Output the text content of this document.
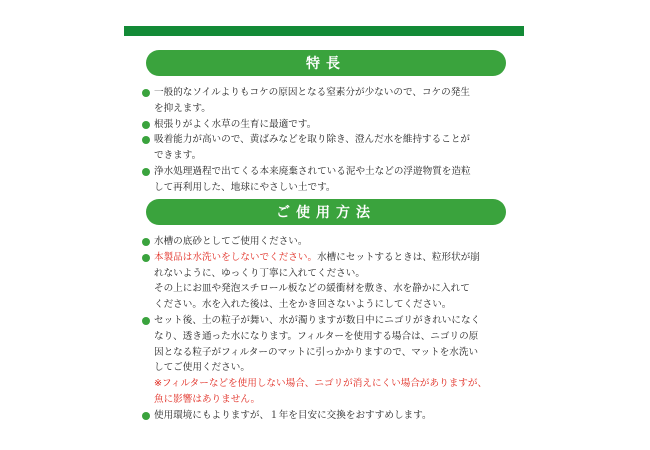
特長
一般的なソイルよりもコケの原因となる窒素分が少ないので、コケの発生
を抑えます。
根張りがよく水草の生育に最適です。
吸着能力が高いので、黄ばみなどを取り除き、澄んだ水を維持することが
できます。
浄水処理過程で出てくる本来廃棄されている泥や土などの浮遊物質を造粒
して再利用した、地球にやさしい土です。
ご使用方法
水槽の底砂としてご使用ください。
本製品は水洗いをしないでください。水槽にセットするときは、粒形状が崩
れないように、ゆっくり丁寧に入れてください。
その上にお皿や発泡スチロール板などの緩衝材を敷き、水を静かに入れて
ください。水を入れた後は、土をかき回さないようにしてください。
セット後、土の粒子が舞い、水が濁りますが数日中にニゴリがきれいになく
なり、透き通った水になります。フィルターを使用する場合は、ニゴリの原
因となる粒子がフィルターのマットに引っかかりますので、マットを水洗い
してご使用ください。
※フィルターなどを使用しない場合、ニゴリが消えにくい場合がありますが、
魚に影響はありません。
使用環境にもよりますが、１年を目安に交換をおすすめします。
